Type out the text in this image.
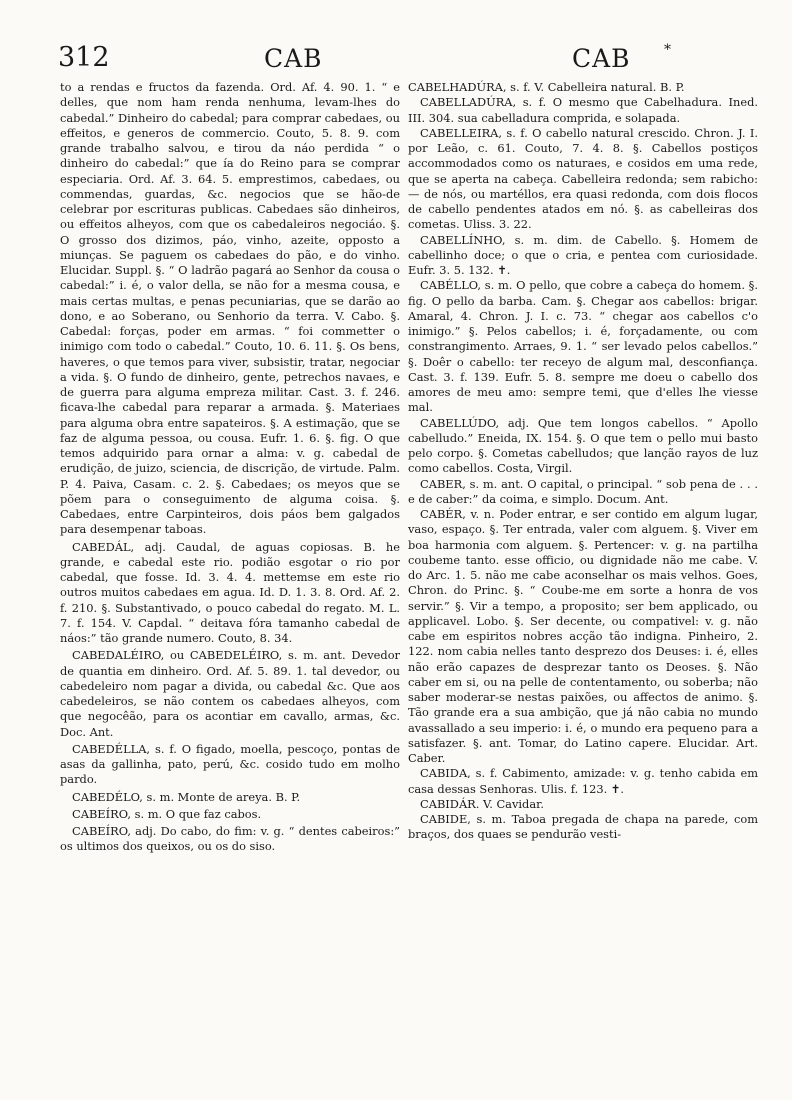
312	CAB	CAB *

to a rendas e fructos da fazenda. Ord. Af. 4. 90. 1. “ e delles, que nom ham renda nenhuma, levam-lhes do cabedal.” Dinheiro do cabedal; para comprar cabedaes, ou effeitos, e generos de commercio. Couto, 5. 8. 9. com grande trabalho salvou, e tirou da náo perdida “ o dinheiro do cabedal:” que ía do Reino para se comprar especiaria. Ord. Af. 3. 64. 5. emprestimos, cabedaes, ou commendas, guardas, &c. negocios que se hão-de celebrar por escrituras publicas. Cabedaes são dinheiros, ou effeitos alheyos, com que os cabedaleiros negociáo. §. O grosso dos dizimos, páo, vinho, azeite, opposto a miunças. Se paguem os cabedaes do pão, e do vinho. Elucidar. Suppl. §. “ O ladrão pagará ao Senhor da cousa o cabedal:” i. é, o valor della, se não for a mesma cousa, e mais certas multas, e penas pecuniarias, que se darão ao dono, e ao Soberano, ou Senhorio da terra. V. Cabo. §. Cabedal: forças, poder em armas. “ foi commetter o inimigo com todo o cabedal.” Couto, 10. 6. 11. §. Os bens, haveres, o que temos para viver, subsistir, tratar, negociar a vida. §. O fundo de dinheiro, gente, petrechos navaes, e de guerra para alguma empreza militar. Cast. 3. f. 246. ficava-lhe cabedal para reparar a armada. §. Materiaes para alguma obra entre sapateiros. §. A estimação, que se faz de alguma pessoa, ou cousa. Eufr. 1. 6. §. fig. O que temos adquirido para ornar a alma: v. g. cabedal de erudição, de juizo, sciencia, de discrição, de virtude. Palm. P. 4. Paiva, Casam. c. 2. §. Cabedaes; os meyos que se põem para o conseguimento de alguma coisa. §. Cabedaes, entre Carpinteiros, dois páos bem galgados para desempenar taboas.

CABEDÁL, adj. Caudal, de aguas copiosas. B. he grande, e cabedal este rio. podião esgotar o rio por cabedal, que fosse. Id. 3. 4. 4. mettemse em este rio outros muitos cabedaes em agua. Id. D. 1. 3. 8. Ord. Af. 2. f. 210. §. Substantivado, o pouco cabedal do regato. M. L. 7. f. 154. V. Capdal. “ deitava fóra tamanho cabedal de náos:” tão grande numero. Couto, 8. 34.

CABEDALÉIRO, ou CABEDELÉIRO, s. m. ant. Devedor de quantia em dinheiro. Ord. Af. 5. 89. 1. tal devedor, ou cabedeleiro nom pagar a divida, ou cabedal &c. Que aos cabedeleiros, se não contem os cabedaes alheyos, com que negocêão, para os acontiar em cavallo, armas, &c. Doc. Ant.

CABEDÉLLA, s. f. O figado, moella, pescoço, pontas de asas da gallinha, pato, perú, &c. cosido tudo em molho pardo.

CABEDÉLO, s. m. Monte de areya. B. P.

CABEÍRO, s. m. O que faz cabos.

CABEÍRO, adj. Do cabo, do fim: v. g. “ dentes cabeiros:” os ultimos dos queixos, ou os do siso.

CABELHADÚRA, s. f. V. Cabelleira natural. B. P.

CABELLADÚRA, s. f. O mesmo que Cabelhadura. Ined. III. 304. sua cabelladura comprida, e solapada.

CABELLEIRA, s. f. O cabello natural crescido. Chron. J. I. por Leão, c. 61. Couto, 7. 4. 8. §. Cabellos postiços accommodados como os naturaes, e cosidos em uma rede, que se aperta na cabeça. Cabelleira redonda; sem rabicho: — de nós, ou martéllos, era quasi redonda, com dois flocos de cabello pendentes atados em nó. §. as cabelleiras dos cometas. Uliss. 3. 22.

CABELLÍNHO, s. m. dim. de Cabello. §. Homem de cabellinho doce; o que o cria, e pentea com curiosidade. Eufr. 3. 5. 132. ✝.

CABÉLLO, s. m. O pello, que cobre a cabeça do homem. §. fig. O pello da barba. Cam. §. Chegar aos cabellos: brigar. Amaral, 4. Chron. J. I. c. 73. “ chegar aos cabellos c'o inimigo.” §. Pelos cabellos; i. é, forçadamente, ou com constrangimento. Arraes, 9. 1. “ ser levado pelos cabellos.” §. Doêr o cabello: ter receyo de algum mal, desconfiança. Cast. 3. f. 139. Eufr. 5. 8. sempre me doeu o cabello dos amores de meu amo: sempre temi, que d'elles lhe viesse mal.

CABELLÚDO, adj. Que tem longos cabellos. “ Apollo cabelludo.” Eneida, IX. 154. §. O que tem o pello mui basto pelo corpo. §. Cometas cabelludos; que lanção rayos de luz como cabellos. Costa, Virgil.

CABER, s. m. ant. O capital, o principal. “ sob pena de . . . e de caber:” da coima, e simplo. Docum. Ant.

CABÉR, v. n. Poder entrar, e ser contido em algum lugar, vaso, espaço. §. Ter entrada, valer com alguem. §. Viver em boa harmonia com alguem. §. Pertencer: v. g. na partilha coubeme tanto. esse officio, ou dignidade não me cabe. V. do Arc. 1. 5. não me cabe aconselhar os mais velhos. Goes, Chron. do Princ. §. “ Coube-me em sorte a honra de vos servir.” §. Vir a tempo, a proposito; ser bem applicado, ou applicavel. Lobo. §. Ser decente, ou compativel: v. g. não cabe em espiritos nobres acção tão indigna. Pinheiro, 2. 122. nom cabia nelles tanto desprezo dos Deuses: i. é, elles não erão capazes de desprezar tanto os Deoses. §. Não caber em si, ou na pelle de contentamento, ou soberba; não saber moderar-se nestas paixões, ou affectos de animo. §. Tão grande era a sua ambição, que já não cabia no mundo avassallado a seu imperio: i. é, o mundo era pequeno para a satisfazer. §. ant. Tomar, do Latino capere. Elucidar. Art. Caber.

CABIDA, s. f. Cabimento, amizade: v. g. tenho cabida em casa dessas Senhoras. Ulis. f. 123. ✝.

CABIDÁR. V. Cavidar.

CABIDE, s. m. Taboa pregada de chapa na parede, com braços, dos quaes se pendurão vesti-
